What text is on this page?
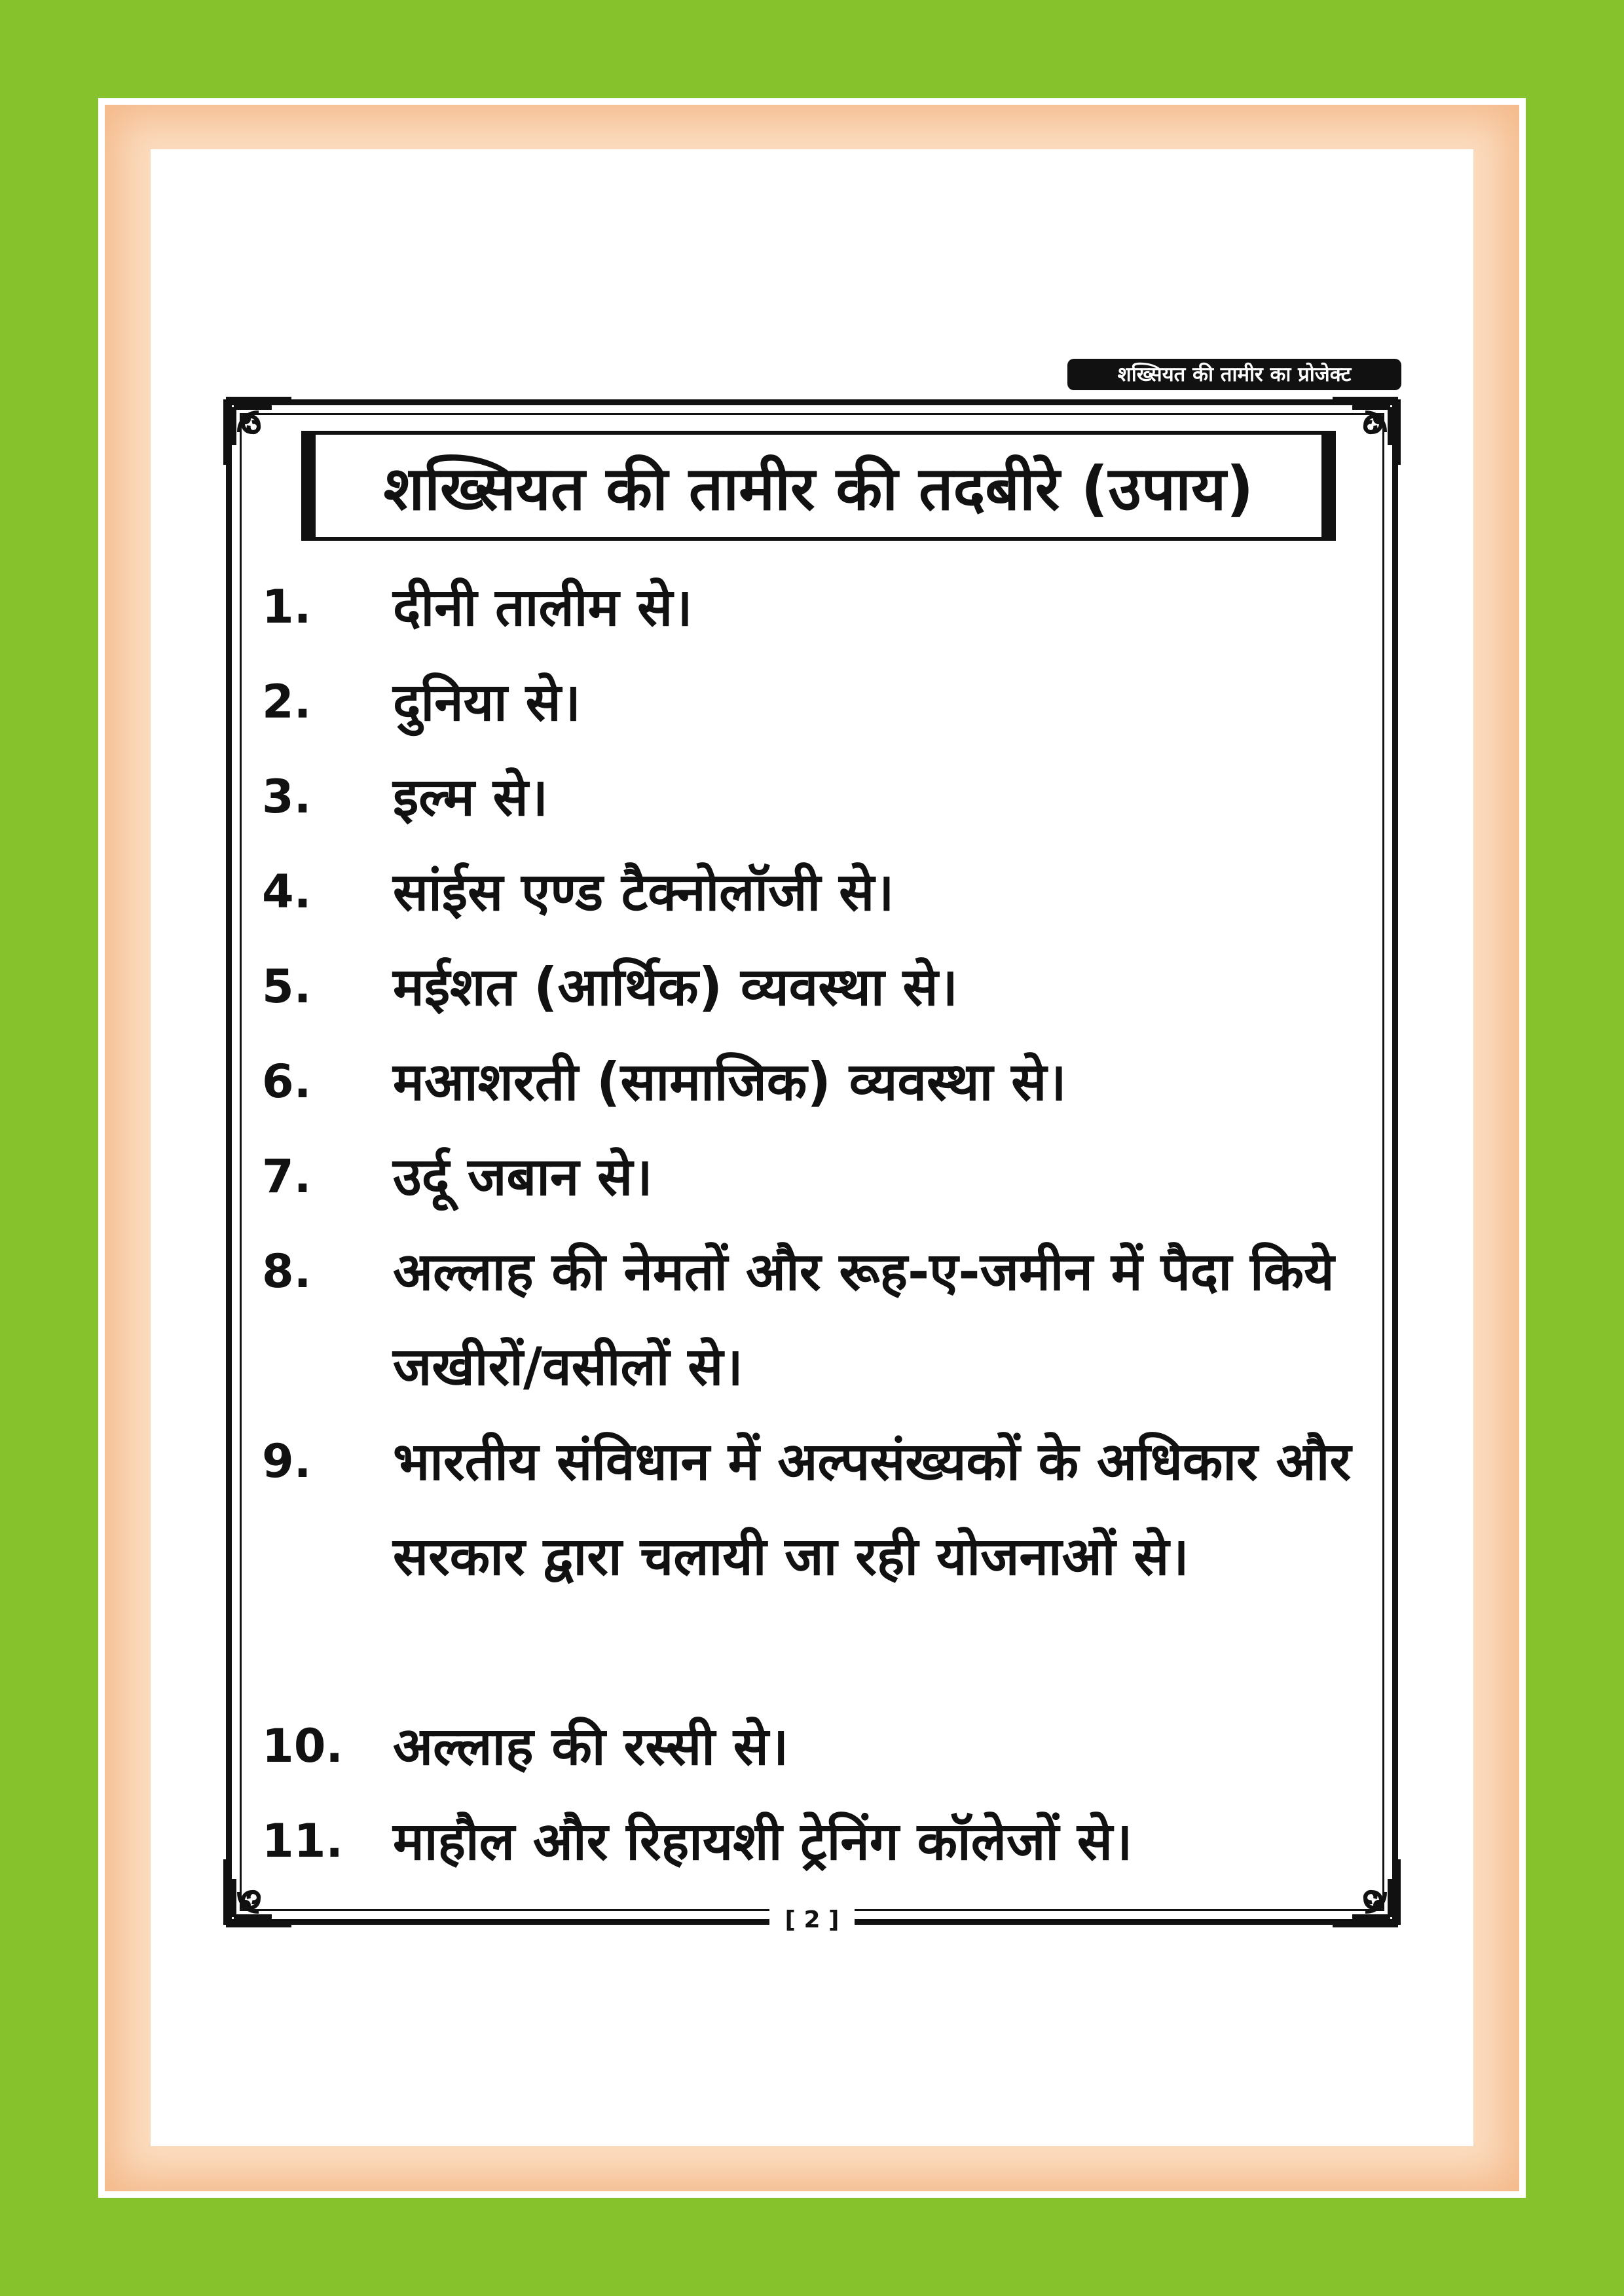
शख्सियत की तामीर का प्रोजेक्ट
शख्सियत की तामीर की तदबीरे (उपाय)
1.	दीनी तालीम से।
2.	दुनिया से।
3.	इल्म से।
4.	सांईस एण्ड टैक्नोलॉजी से।
5.	मईशत (आर्थिक) व्यवस्था से।
6.	मआशरती (सामाजिक) व्यवस्था से।
7.	उर्दू जबान से।
8.	अल्लाह की नेमतों और रूह-ए-जमीन में पैदा किये जखीरों/वसीलों से।
9.	भारतीय संविधान में अल्पसंख्यकों के अधिकार और सरकार द्वारा चलायी जा रही योजनाओं से।
10. अल्लाह की रस्सी से।
11. माहौल और रिहायशी ट्रेनिंग कॉलेजों से।
[ 2 ]
